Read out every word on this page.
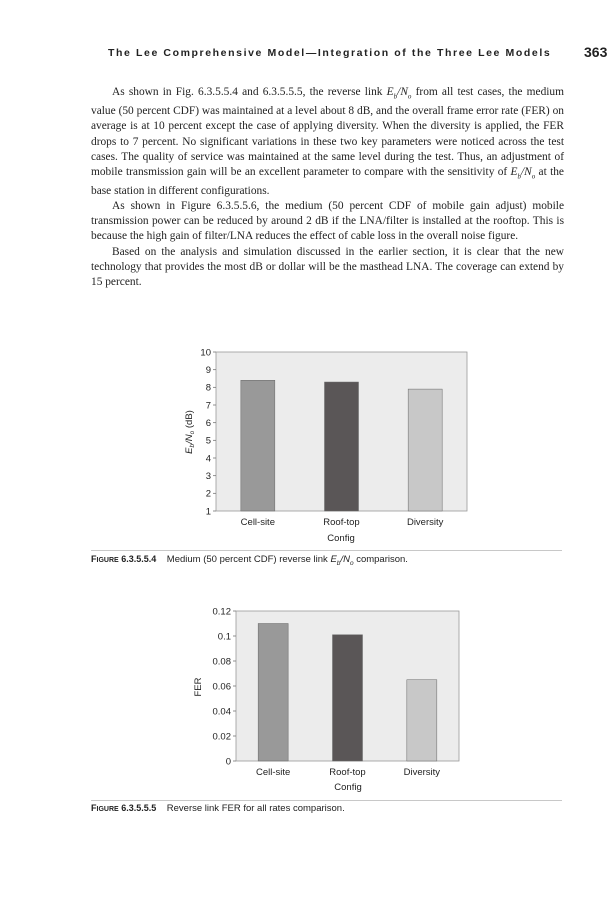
The Lee Comprehensive Model—Integration of the Three Lee Models	363

As shown in Fig. 6.3.5.5.4 and 6.3.5.5.5, the reverse link $E_b/N_o$ from all test cases, the medium value (50 percent CDF) was maintained at a level about 8 dB, and the overall frame error rate (FER) on average is at 10 percent except the case of applying diversity. When the diversity is applied, the FER drops to 7 percent. No significant variations in these two key parameters were noticed across the test cases. The quality of service was maintained at the same level during the test. Thus, an adjustment of mobile transmission gain will be an excellent parameter to compare with the sensitivity of $E_b/N_o$ at the base station in different configurations.

As shown in Figure 6.3.5.5.6, the medium (50 percent CDF of mobile gain adjust) mobile transmission power can be reduced by around 2 dB if the LNA/filter is installed at the rooftop. This is because the high gain of filter/LNA reduces the effect of cable loss in the overall noise figure.

Based on the analysis and simulation discussed in the earlier section, it is clear that the new technology that provides the most dB or dollar will be the masthead LNA. The coverage can extend by 15 percent.

1
2
3
4
5
6
7
8
9
10
Cell-site	Roof-top	Diversity
Config
$E_b/N_o$ (dB)
FIGURE 6.3.5.5.4 Medium (50 percent CDF) reverse link $E_b/N_o$ comparison.
0
0.02
0.04
0.06
0.08
0.1
0.12
Cell-site	Roof-top	Diversity
Config
FER
FIGURE 6.3.5.5.5 Reverse link FER for all rates comparison.
